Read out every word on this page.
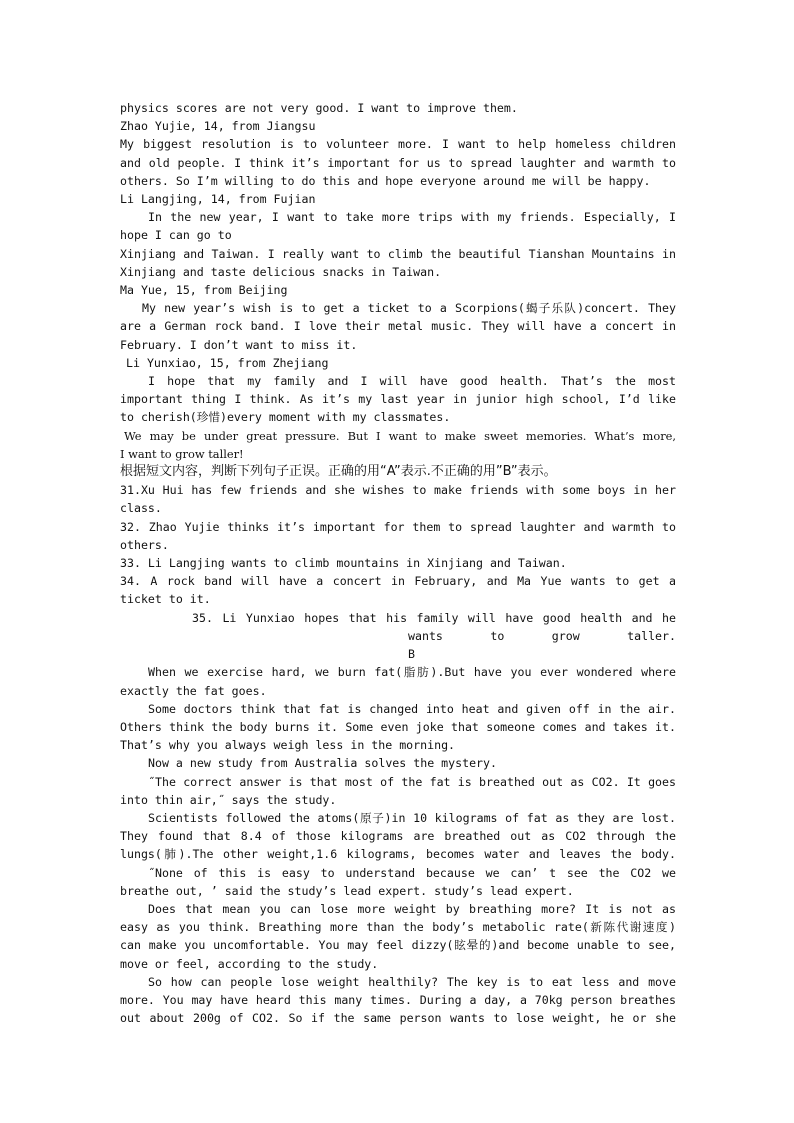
physics scores are not very good. I want to improve them.

Zhao Yujie, 14, from Jiangsu

My biggest resolution is to volunteer more. I want to help homeless children

and old people. I think it’s important for us to spread laughter and warmth to

others. So I’m willing to do this and hope everyone around me will be happy.

Li Langjing, 14, from Fujian

In the new year, I want to take more trips with my friends. Especially, I

hope I can go to

Xinjiang and Taiwan. I really want to climb the beautiful Tianshan Mountains in

Xinjiang and taste delicious snacks in Taiwan.

Ma Yue, 15, from Beijing

My new year’s wish is to get a ticket to a Scorpions(蝎子乐队)concert. They

are a German rock band. I love their metal music. They will have a concert in

February. I don’t want to miss it.

Li Yunxiao, 15, from Zhejiang

I hope that my family and I will have good health. That’s the most

important thing I think. As it’s my last year in junior high school, I’d like

to cherish(珍惜)every moment with my classmates.

We may be under great pressure. But I want to make sweet memories. What’s more,

I want to grow taller!

根据短文内容，判断下列句子正误。正确的用“A”表示.不正确的用”B”表示。

31.Xu Hui has few friends and she wishes to make friends with some boys in her

class.

32. Zhao Yujie thinks it’s important for them to spread laughter and warmth to

others.

33. Li Langjing wants to climb mountains in Xinjiang and Taiwan.

34. A rock band will have a concert in February, and Ma Yue wants to get a

ticket to it.

35. Li Yunxiao hopes that his family will have good health and he

wants to grow taller.

B

When we exercise hard, we burn fat(脂肪).But have you ever wondered where

exactly the fat goes.

Some doctors think that fat is changed into heat and given off in the air.

Others think the body burns it. Some even joke that someone comes and takes it.

That’s why you always weigh less in the morning.

Now a new study from Australia solves the mystery.

˝The correct answer is that most of the fat is breathed out as CO2. It goes

into thin air,˝ says the study.

Scientists followed the atoms(原子)in 10 kilograms of fat as they are lost.

They found that 8.4 of those kilograms are breathed out as CO2 through the

lungs(肺).The other weight,1.6 kilograms, becomes water and leaves the body.

˝None of this is easy to understand because we can’ t see the CO2 we

breathe out, ’ said the study’s lead expert. study’s lead expert.

Does that mean you can lose more weight by breathing more? It is not as

easy as you think. Breathing more than the body’s metabolic rate(新陈代谢速度)

can make you uncomfortable. You may feel dizzy(眩晕的)and become unable to see,

move or feel, according to the study.

So how can people lose weight healthily? The key is to eat less and move

more. You may have heard this many times. During a day, a 70kg person breathes

out about 200g of CO2. So if the same person wants to lose weight, he or she
